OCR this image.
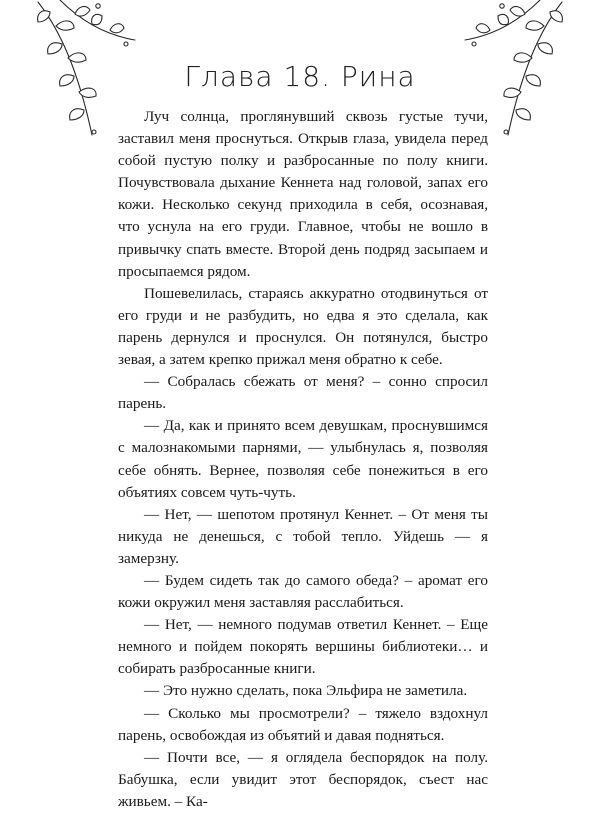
Глава 18. Рина

Луч солнца, проглянувший сквозь густые тучи, заставил меня проснуться. Открыв глаза, увидела перед собой пустую полку и разбросанные по полу книги. Почувствовала дыхание Кеннета над головой, запах его кожи. Несколько секунд приходила в себя, осознавая, что уснула на его груди. Главное, чтобы не вошло в привычку спать вместе. Второй день подряд засыпаем и просыпаемся рядом.

Пошевелилась, стараясь аккуратно отодвинуться от его груди и не разбудить, но едва я это сделала, как парень дернулся и проснулся. Он потянулся, быстро зевая, а затем крепко прижал меня обратно к себе.

— Собралась сбежать от меня? – сонно спросил парень.

— Да, как и принято всем девушкам, проснувшимся с малознакомыми парнями, — улыбнулась я, позволяя себе обнять. Вернее, позволяя себе понежиться в его объятиях совсем чуть-чуть.

— Нет, — шепотом протянул Кеннет. – От меня ты никуда не денешься, с тобой тепло. Уйдешь — я замерзну.

— Будем сидеть так до самого обеда? – аромат его кожи окружил меня заставляя расслабиться.

— Нет, — немного подумав ответил Кеннет. – Еще немного и пойдем покорять вершины библиотеки… и собирать разбросанные книги.

— Это нужно сделать, пока Эльфира не заметила.

— Сколько мы просмотрели? – тяжело вздохнул парень, освобождая из объятий и давая подняться.

— Почти все, — я оглядела беспорядок на полу. Бабушка, если увидит этот беспорядок, съест нас живьем. – Ка-
